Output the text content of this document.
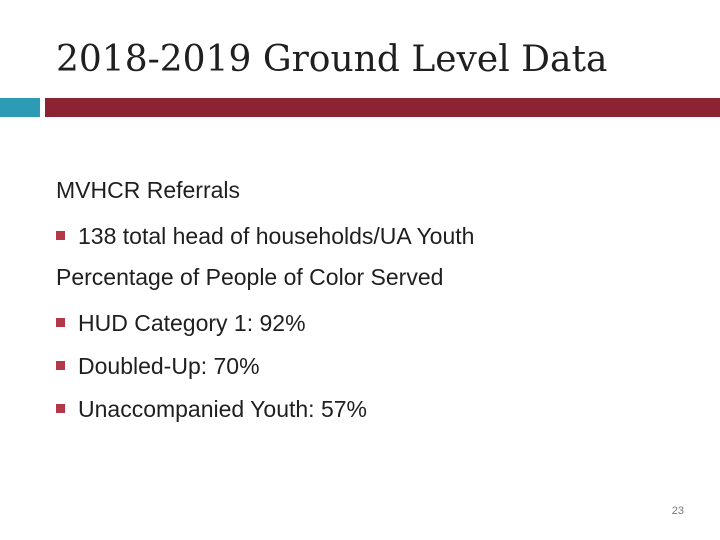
2018-2019 Ground Level Data
MVHCR Referrals
138 total head of households/UA Youth
Percentage of People of Color Served
HUD Category 1: 92%
Doubled-Up: 70%
Unaccompanied Youth: 57%
23
